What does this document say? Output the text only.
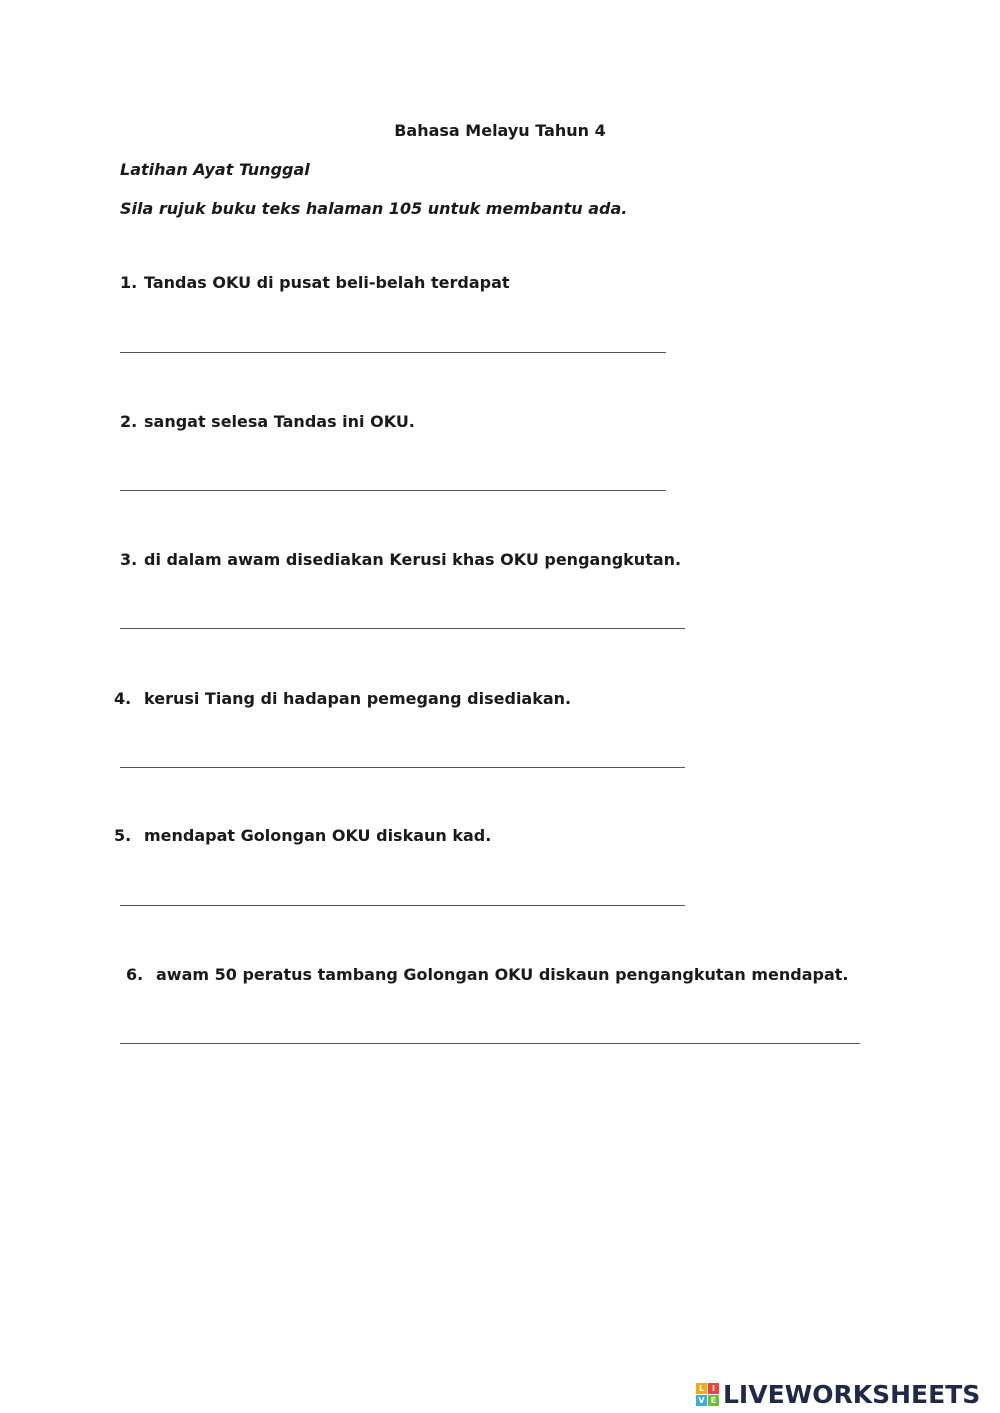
Bahasa Melayu Tahun 4
Latihan Ayat Tunggal
Sila rujuk buku teks halaman 105 untuk membantu ada.
1. Tandas OKU di pusat beli-belah terdapat
2. sangat selesa Tandas ini OKU.
3. di dalam awam disediakan Kerusi khas OKU pengangkutan.
4. kerusi Tiang di hadapan pemegang disediakan.
5. mendapat Golongan OKU diskaun kad.
6. awam 50 peratus tambang Golongan OKU diskaun pengangkutan mendapat.
L I
V E LIVEWORKSHEETS
